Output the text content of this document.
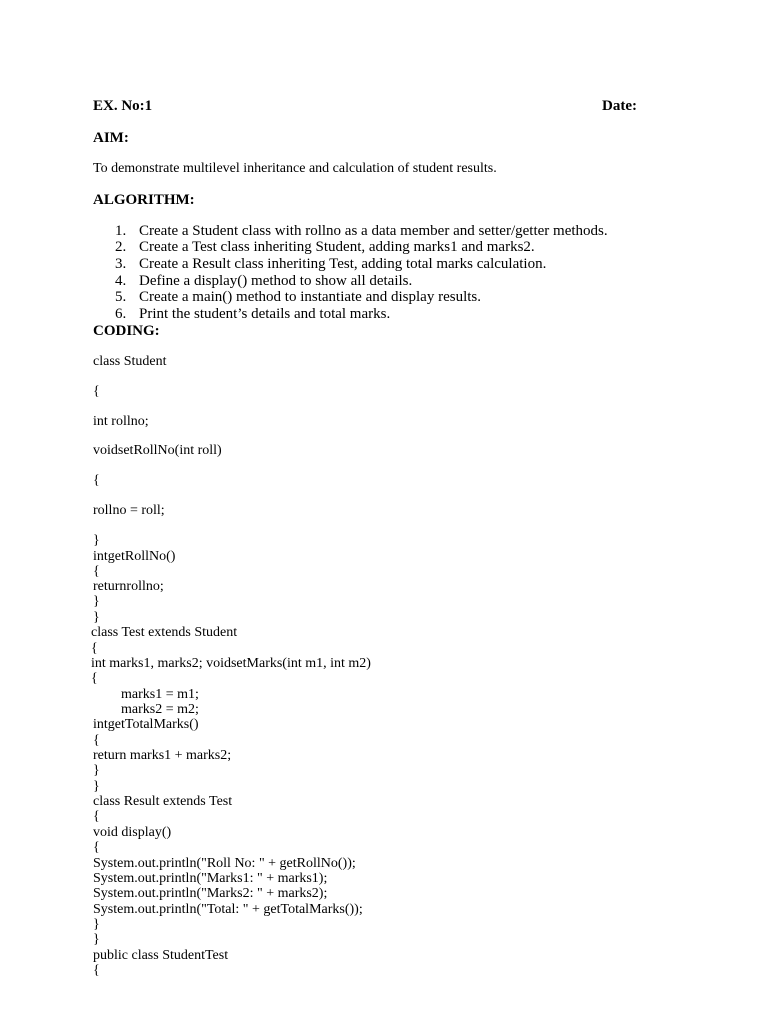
EX. No:1	Date:
AIM:
To demonstrate multilevel inheritance and calculation of student results.
ALGORITHM:
1. Create a Student class with rollno as a data member and setter/getter methods.
2. Create a Test class inheriting Student, adding marks1 and marks2.
3. Create a Result class inheriting Test, adding total marks calculation.
4. Define a display() method to show all details.
5. Create a main() method to instantiate and display results.
6. Print the student’s details and total marks.
CODING:
class Student
{
int rollno;
voidsetRollNo(int roll)
{
rollno = roll;
}
intgetRollNo()
{
returnrollno;
}
}
class Test extends Student
{
int marks1, marks2; voidsetMarks(int m1, int m2)
{
marks1 = m1;
marks2 = m2;
intgetTotalMarks()
{
return marks1 + marks2;
}
}
class Result extends Test
{
void display()
{
System.out.println("Roll No: " + getRollNo());
System.out.println("Marks1: " + marks1);
System.out.println("Marks2: " + marks2);
System.out.println("Total: " + getTotalMarks());
}
}
public class StudentTest
{
